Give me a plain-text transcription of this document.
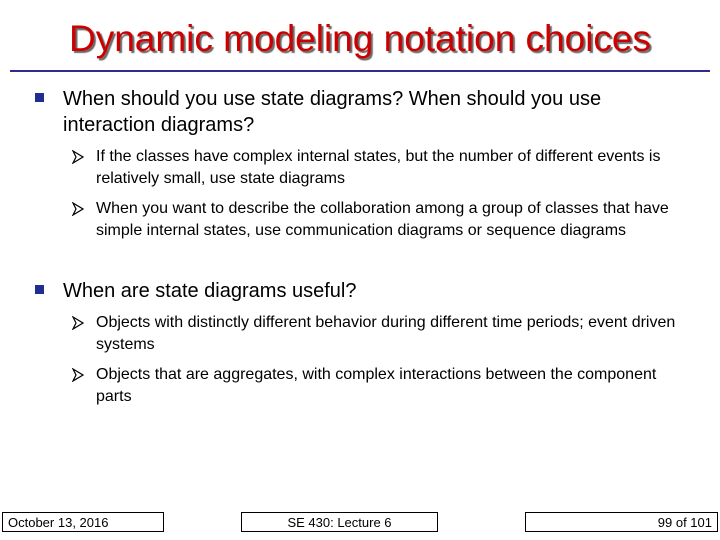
Dynamic modeling notation choices
When should you use state diagrams? When should you use interaction diagrams?
If the classes have complex internal states, but the number of different events is relatively small, use state diagrams
When you want to describe the collaboration among a group of classes that have simple internal states, use communication diagrams or sequence diagrams
When are state diagrams useful?
Objects with distinctly different behavior during different time periods; event driven systems
Objects that are aggregates, with complex interactions between the component parts
October 13, 2016	SE 430: Lecture 6	99 of 101
